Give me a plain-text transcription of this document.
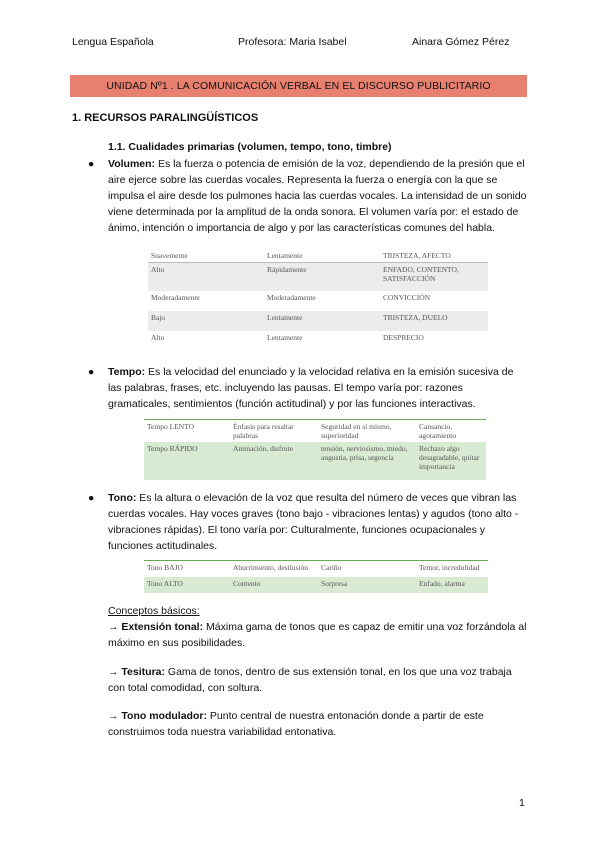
Lengua Española	Profesora: Maria Isabel	Ainara Gómez Pérez
UNIDAD Nº1 . LA COMUNICACIÓN VERBAL EN EL DISCURSO PUBLICITARIO
1. RECURSOS PARALINGÜÍSTICOS
1.1. Cualidades primarias (volumen, tempo, tono, timbre)
● Volumen: Es la fuerza o potencia de emisión de la voz, dependiendo de la presión que el aire ejerce sobre las cuerdas vocales. Representa la fuerza o energía con la que se impulsa el aire desde los pulmones hacia las cuerdas vocales. La intensidad de un sonido viene determinada por la amplitud de la onda sonora. El volumen varía por: el estado de ánimo, intención o importancia de algo y por las características comunes del habla.
Suavemente	Lentamente	TRISTEZA, AFECTO
Alto	Rápidamente	ENFADO, CONTENTO, SATISFACCIÓN
Moderadamente	Moderadamente	CONVICCIÓN
Bajo	Lentamente	TRISTEZA, DUELO
Alto	Lentamente	DESPRECIO
● Tempo: Es la velocidad del enunciado y la velocidad relativa en la emisión sucesiva de las palabras, frases, etc. incluyendo las pausas. El tempo varía por: razones gramaticales, sentimientos (función actitudinal) y por las funciones interactivas.
Tempo LENTO	Énfasis para resaltar palabras	Seguridad en sí mismo, superioridad	Cansancio, agotamiento
Tempo RÁPIDO	Animación, disfrute	tensión, nerviosismo, miedo, angustia, prisa, urgencia	Rechazo algo desagradable, quitar importancia
● Tono: Es la altura o elevación de la voz que resulta del número de veces que vibran las cuerdas vocales. Hay voces graves (tono bajo - vibraciones lentas) y agudos (tono alto - vibraciones rápidas). El tono varía por: Culturalmente, funciones ocupacionales y funciones actitudinales.
Tono BAJO	Aburrimiento, desilusión	Cariño	Temor, incredulidad
Tono ALTO	Contento	Sorpresa	Enfado, alarma
Conceptos básicos:
→ Extensión tonal: Máxima gama de tonos que es capaz de emitir una voz forzándola al máximo en sus posibilidades.
→ Tesitura: Gama de tonos, dentro de sus extensión tonal, en los que una voz trabaja con total comodidad, con soltura.
→ Tono modulador: Punto central de nuestra entonación donde a partir de este construimos toda nuestra variabilidad entonativa.
1
